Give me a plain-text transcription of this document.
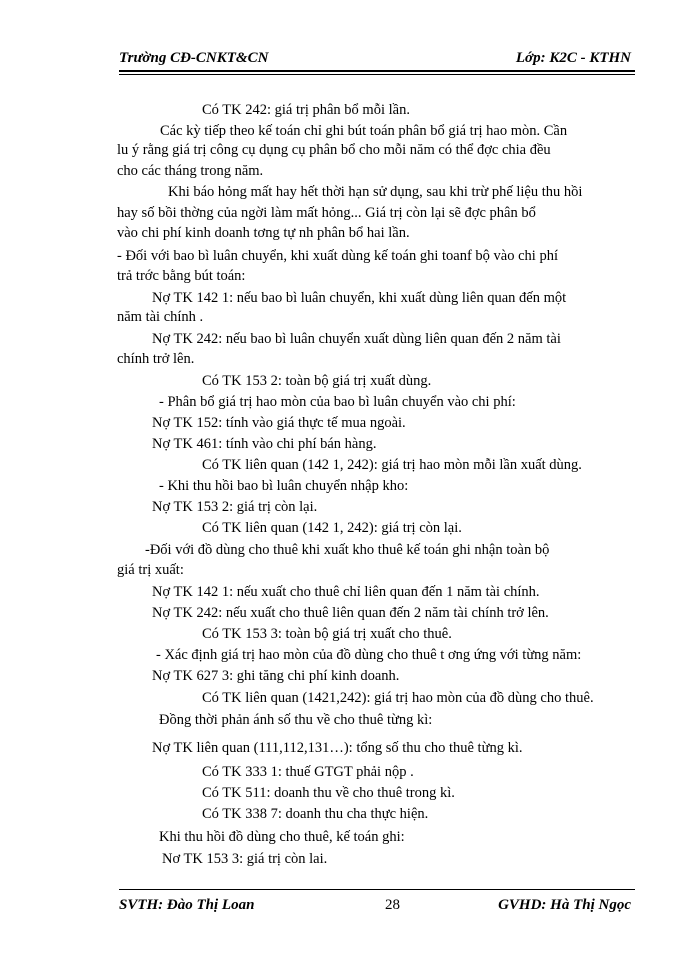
Trường CĐ-CNKT&CN	Lớp: K2C - KTHN
Có TK 242: giá trị phân bổ mỗi lần.
Các kỳ tiếp theo kế toán chỉ ghi bút toán phân bổ giá trị hao mòn. Cần
lu ý rằng giá trị công cụ dụng cụ phân bổ cho mỗi năm có thể đợc chia đều
cho các tháng trong năm.
Khi báo hỏng mất hay hết thời hạn sử dụng, sau khi trừ phế liệu thu hồi
hay số bồi thờng của ngời làm mất hỏng... Giá trị còn lại sẽ đợc phân bổ
vào chi phí kinh doanh tơng tự nh phân bổ hai lần.
- Đối với bao bì luân chuyển, khi xuất dùng kế toán ghi toanf bộ vào chi phí
trả trớc bằng bút toán:
Nợ TK 142 1: nếu bao bì luân chuyển, khi xuất dùng liên quan đến một
năm tài chính .
Nợ TK 242: nếu bao bì luân chuyển xuất dùng liên quan đến 2 năm tài
chính trở lên.
Có TK 153 2: toàn bộ giá trị xuất dùng.
- Phân bổ giá trị hao mòn của bao bì luân chuyển vào chi phí:
Nợ TK 152: tính vào giá thực tế mua ngoài.
Nợ TK 461: tính vào chi phí bán hàng.
Có TK liên quan (142 1, 242): giá trị hao mòn mỗi lần xuất dùng.
- Khi thu hồi bao bì luân chuyển nhập kho:
Nợ TK 153 2: giá trị còn lại.
Có TK liên quan (142 1, 242): giá trị còn lại.
-Đối với đồ dùng cho thuê khi xuất kho thuê kế toán ghi nhận toàn bộ
giá trị xuất:
Nợ TK 142 1: nếu xuất cho thuê chỉ liên quan đến 1 năm tài chính.
Nợ TK 242: nếu xuất cho thuê liên quan đến 2 năm tài chính trở lên.
Có TK 153 3: toàn bộ giá trị xuất cho thuê.
- Xác định giá trị hao mòn của đồ dùng cho thuê t ơng ứng với từng năm:
Nợ TK 627 3: ghi tăng chi phí kinh doanh.
Có TK liên quan (1421,242): giá trị hao mòn của đồ dùng cho thuê.
Đồng thời phản ánh số thu về cho thuê từng kì:
Nợ TK liên quan (111,112,131…): tổng số thu cho thuê từng kì.
Có TK 333 1: thuế GTGT phải nộp .
Có TK 511: doanh thu về cho thuê trong kì.
Có TK 338 7: doanh thu cha thực hiện.
Khi thu hồi đồ dùng cho thuê, kế toán ghi:
Nơ TK 153 3: giá trị còn lai.
SVTH: Đào Thị Loan	28	GVHD: Hà Thị Ngọc
